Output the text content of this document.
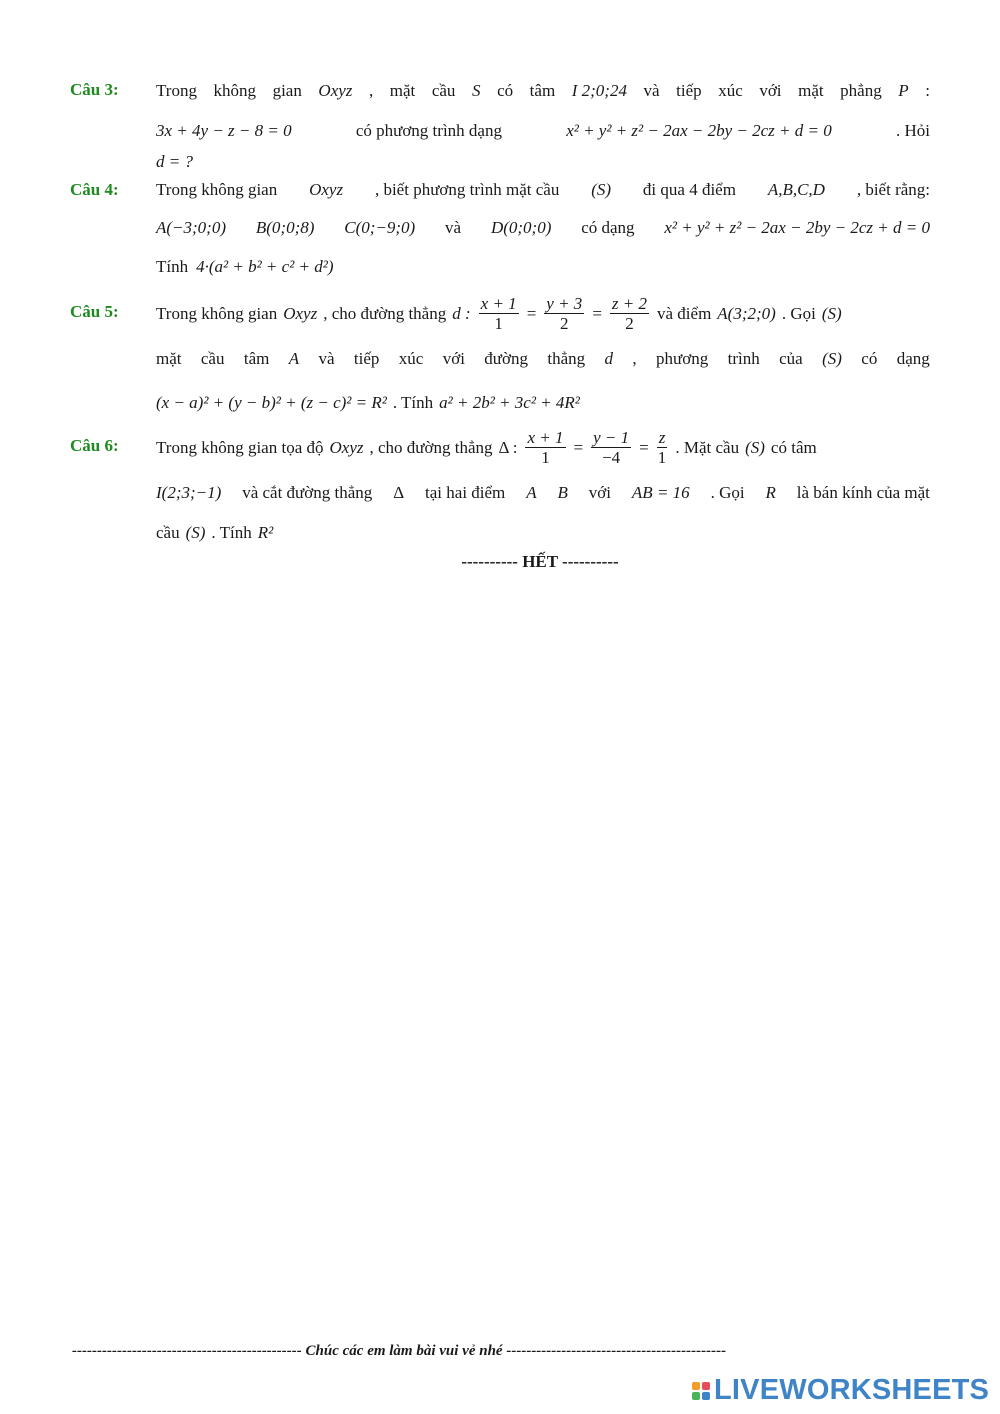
Câu 3:	Trong không gian Oxyz , mặt cầu S có tâm I 2;0;24 và tiếp xúc với mặt phẳng P :
3x + 4y − z − 8 = 0	có phương trình dạng	x² + y² + z² − 2ax − 2by − 2cz + d = 0	. Hỏi
d = ?
Câu 4:	Trong không gian Oxyz , biết phương trình mặt cầu (S) đi qua 4 điểm A,B,C,D , biết rằng:
A(−3;0;0) B(0;0;8) C(0;−9;0) và D(0;0;0) có dạng x² + y² + z² − 2ax − 2by − 2cz + d = 0
Tính 4·(a² + b² + c² + d²)
Câu 5:	Trong không gian Oxyz , cho đường thẳng d : $\frac{x + 1}{1} = \frac{y + 3}{2} = \frac{z + 2}{2}$ và điểm A(3;2;0) . Gọi (S)
mặt cầu tâm A và tiếp xúc với đường thẳng d , phương trình của (S) có dạng
(x − a)² + (y − b)² + (z − c)² = R² . Tính a² + 2b² + 3c² + 4R²
Câu 6:	Trong không gian tọa độ Oxyz , cho đường thẳng Δ : $\frac{x + 1}{1} = \frac{y - 1}{-4} = \frac{z}{1}$ . Mặt cầu (S) có tâm
I(2;3;−1) và cắt đường thẳng Δ tại hai điểm A B với AB = 16 . Gọi R là bán kính của mặt
cầu (S) . Tính R²
---------- HẾT ----------
---------------------------------------------- Chúc các em làm bài vui vẻ nhé --------------------------------------------
LIVEWORKSHEETS
